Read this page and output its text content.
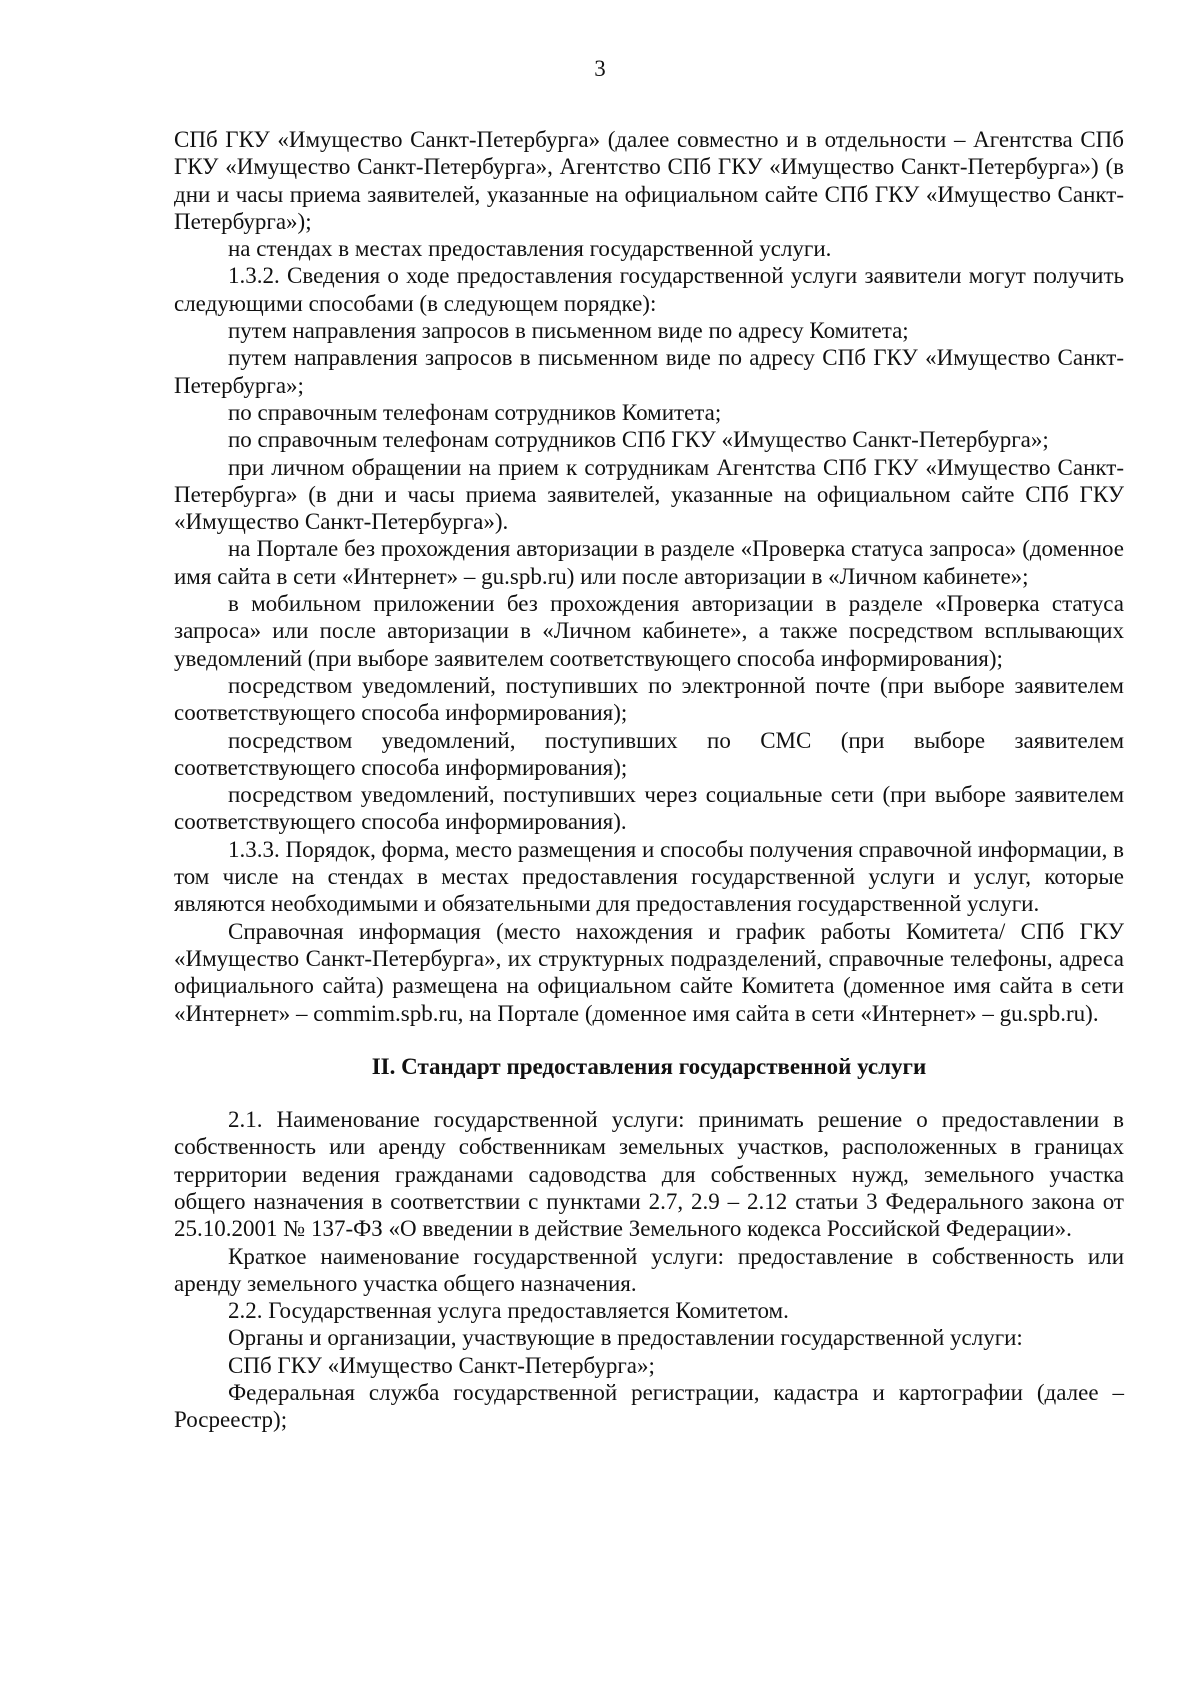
3

СПб ГКУ «Имущество Санкт-Петербурга» (далее совместно и в отдельности – Агентства СПб ГКУ «Имущество Санкт-Петербурга», Агентство СПб ГКУ «Имущество Санкт-Петербурга») (в дни и часы приема заявителей, указанные на официальном сайте СПб ГКУ «Имущество Санкт-Петербурга»);

на стендах в местах предоставления государственной услуги.

1.3.2. Сведения о ходе предоставления государственной услуги заявители могут получить следующими способами (в следующем порядке):

путем направления запросов в письменном виде по адресу Комитета;

путем направления запросов в письменном виде по адресу СПб ГКУ «Имущество Санкт-Петербурга»;

по справочным телефонам сотрудников Комитета;

по справочным телефонам сотрудников СПб ГКУ «Имущество Санкт-Петербурга»;

при личном обращении на прием к сотрудникам Агентства СПб ГКУ «Имущество Санкт-Петербурга» (в дни и часы приема заявителей, указанные на официальном сайте СПб ГКУ «Имущество Санкт-Петербурга»).

на Портале без прохождения авторизации в разделе «Проверка статуса запроса» (доменное имя сайта в сети «Интернет» – gu.spb.ru) или после авторизации в «Личном кабинете»;

в мобильном приложении без прохождения авторизации в разделе «Проверка статуса запроса» или после авторизации в «Личном кабинете», а также посредством всплывающих уведомлений (при выборе заявителем соответствующего способа информирования);

посредством уведомлений, поступивших по электронной почте (при выборе заявителем соответствующего способа информирования);

посредством уведомлений, поступивших по СМС (при выборе заявителем соответствующего способа информирования);

посредством уведомлений, поступивших через социальные сети (при выборе заявителем соответствующего способа информирования).

1.3.3. Порядок, форма, место размещения и способы получения справочной информации, в том числе на стендах в местах предоставления государственной услуги и услуг, которые являются необходимыми и обязательными для предоставления государственной услуги.

Справочная информация (место нахождения и график работы Комитета/ СПб ГКУ «Имущество Санкт-Петербурга», их структурных подразделений, справочные телефоны, адреса официального сайта) размещена на официальном сайте Комитета (доменное имя сайта в сети «Интернет» – commim.spb.ru, на Портале (доменное имя сайта в сети «Интернет» – gu.spb.ru).

II. Стандарт предоставления государственной услуги

2.1. Наименование государственной услуги: принимать решение о предоставлении в собственность или аренду собственникам земельных участков, расположенных в границах территории ведения гражданами садоводства для собственных нужд, земельного участка общего назначения в соответствии с пунктами 2.7, 2.9 – 2.12 статьи 3 Федерального закона от 25.10.2001 № 137-ФЗ «О введении в действие Земельного кодекса Российской Федерации».

Краткое наименование государственной услуги: предоставление в собственность или аренду земельного участка общего назначения.

2.2. Государственная услуга предоставляется Комитетом.

Органы и организации, участвующие в предоставлении государственной услуги:

СПб ГКУ «Имущество Санкт-Петербурга»;

Федеральная служба государственной регистрации, кадастра и картографии (далее – Росреестр);
